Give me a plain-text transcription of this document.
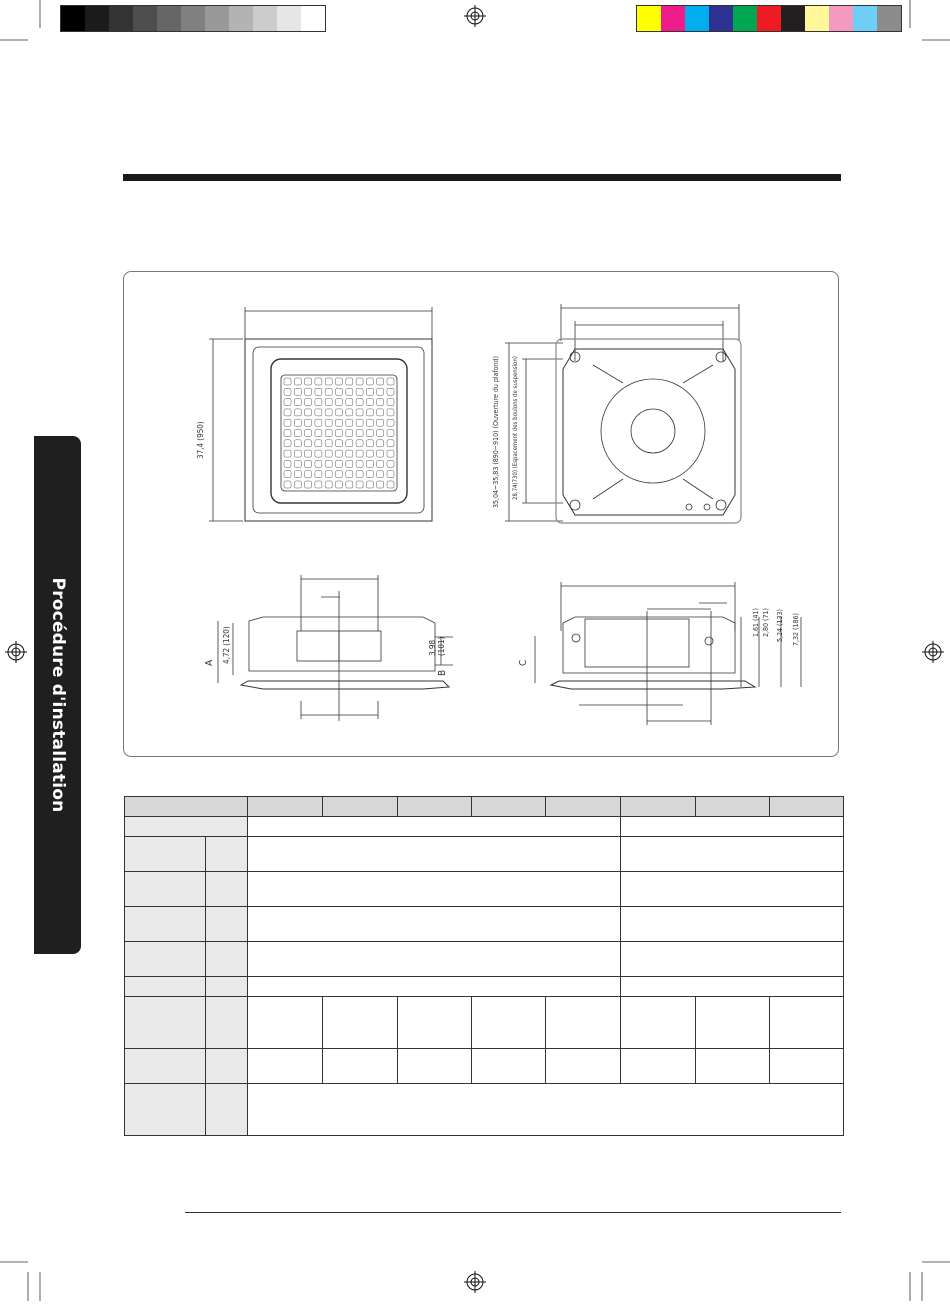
Procédure d'installation
37,4 (950)	35,04~35,83 (890~910) (Ouverture du plafond) 28,74(730) (Espacement des boulons de suspension)
4,72 (120)
A
3,98 (101)
B
C
1,61 (41) 2,80 (71) 5,24 (133) 7,32 (186)
